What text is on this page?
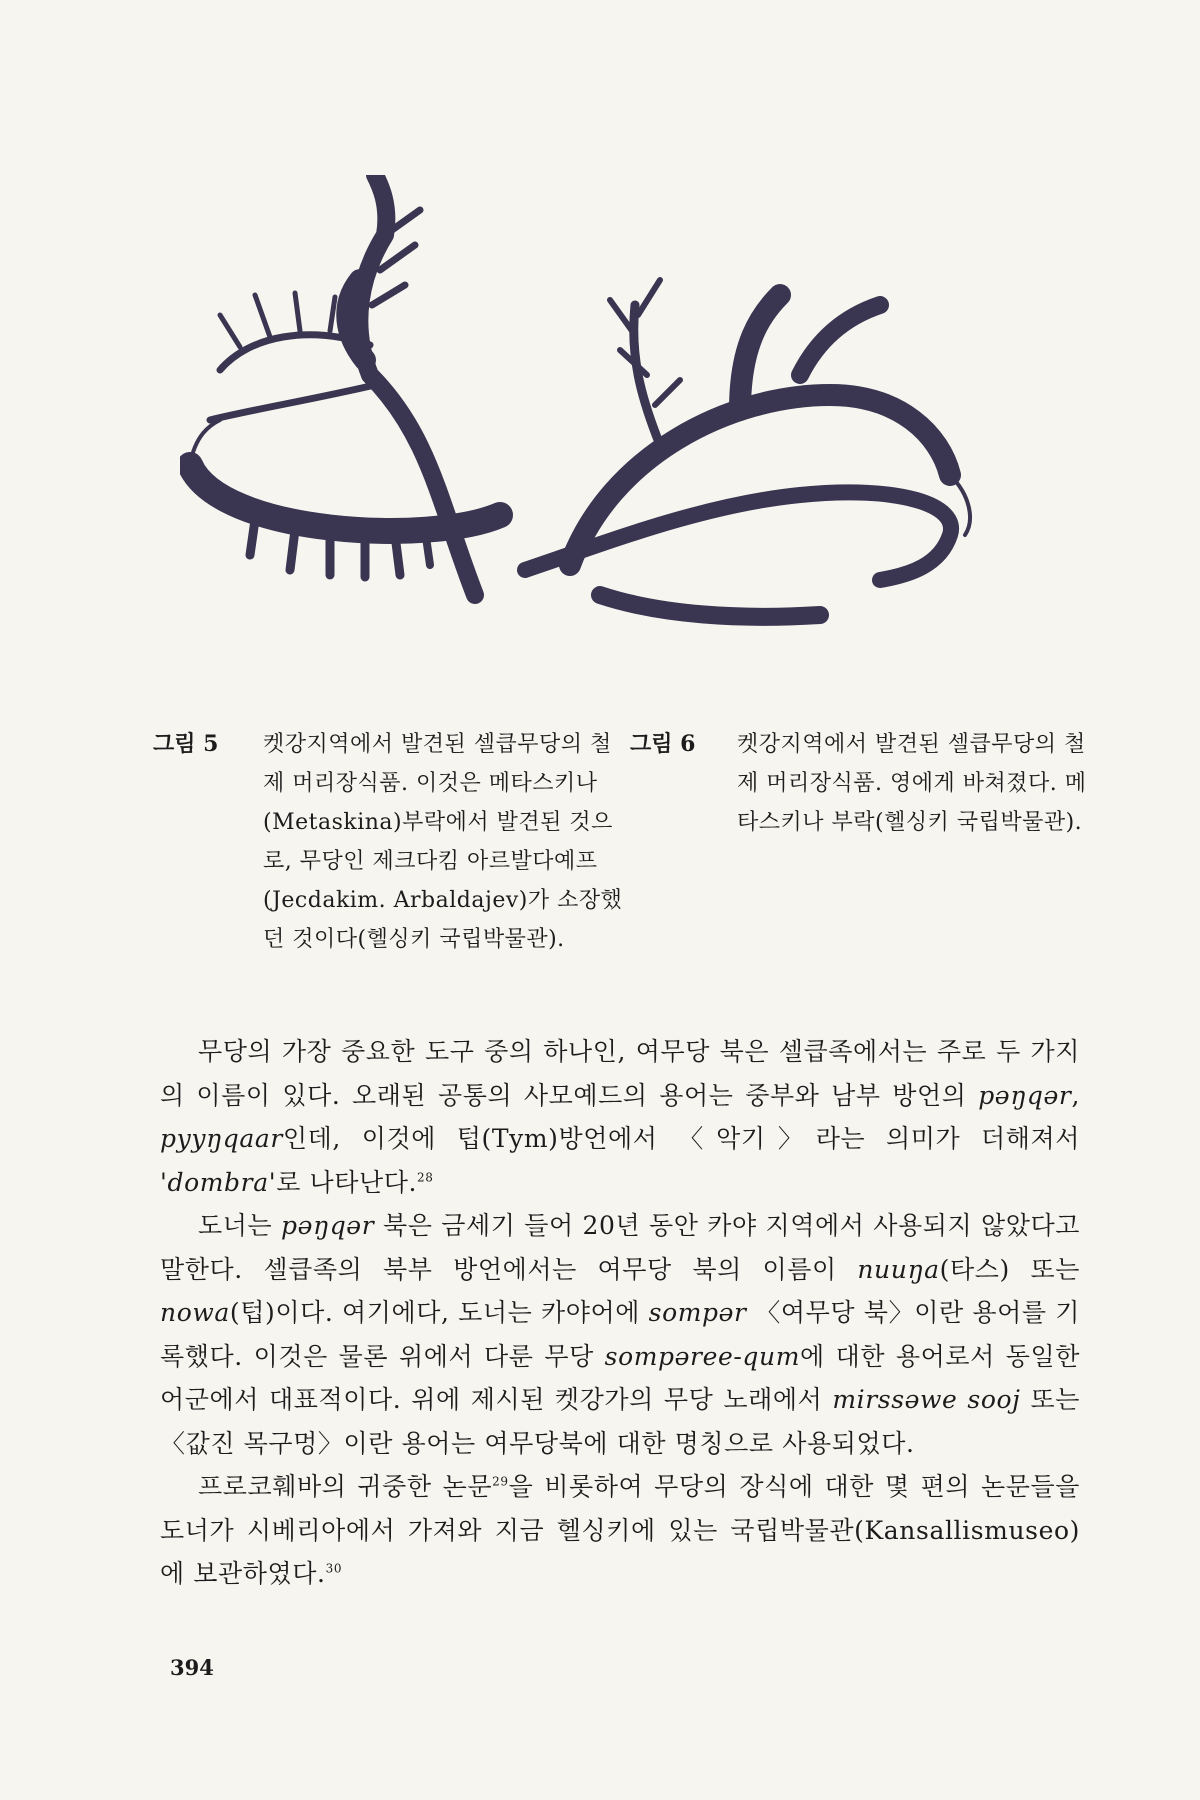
그림 5 켓강지역에서 발견된 셀큽무당의 철제 머리장식품. 이것은 메타스키나(Metaskina)부락에서 발견된 것으로, 무당인 제크다킴 아르발다예프(Jecdakim. Arbaldajev)가 소장했던 것이다(헬싱키 국립박물관).
그림 6 켓강지역에서 발견된 셀큽무당의 철제 머리장식품. 영에게 바쳐졌다. 메타스키나 부락(헬싱키 국립박물관).

무당의 가장 중요한 도구 중의 하나인, 여무당 북은 셀큽족에서는 주로 두 가지의 이름이 있다. 오래된 공통의 사모예드의 용어는 중부와 남부 방언의 pəŋqər, pyyŋqaar인데, 이것에 텁(Tym)방언에서 〈악기〉라는 의미가 더해져서 'dombra'로 나타난다.$^{28}$

도너는 pəŋqər 북은 금세기 들어 20년 동안 카야 지역에서 사용되지 않았다고 말한다. 셀큽족의 북부 방언에서는 여무당 북의 이름이 nuuŋa(타스) 또는 nowa(텁)이다. 여기에다, 도너는 카야어에 sompər 〈여무당 북〉이란 용어를 기록했다. 이것은 물론 위에서 다룬 무당 sompəree-qum에 대한 용어로서 동일한 어군에서 대표적이다. 위에 제시된 켓강가의 무당 노래에서 mirssəwe sooj 또는 〈값진 목구멍〉이란 용어는 여무당북에 대한 명칭으로 사용되었다.

프로코훼바의 귀중한 논문$^{29}$을 비롯하여 무당의 장식에 대한 몇 편의 논문들을 도너가 시베리아에서 가져와 지금 헬싱키에 있는 국립박물관(Kansallismuseo)에 보관하였다.$^{30}$

394
